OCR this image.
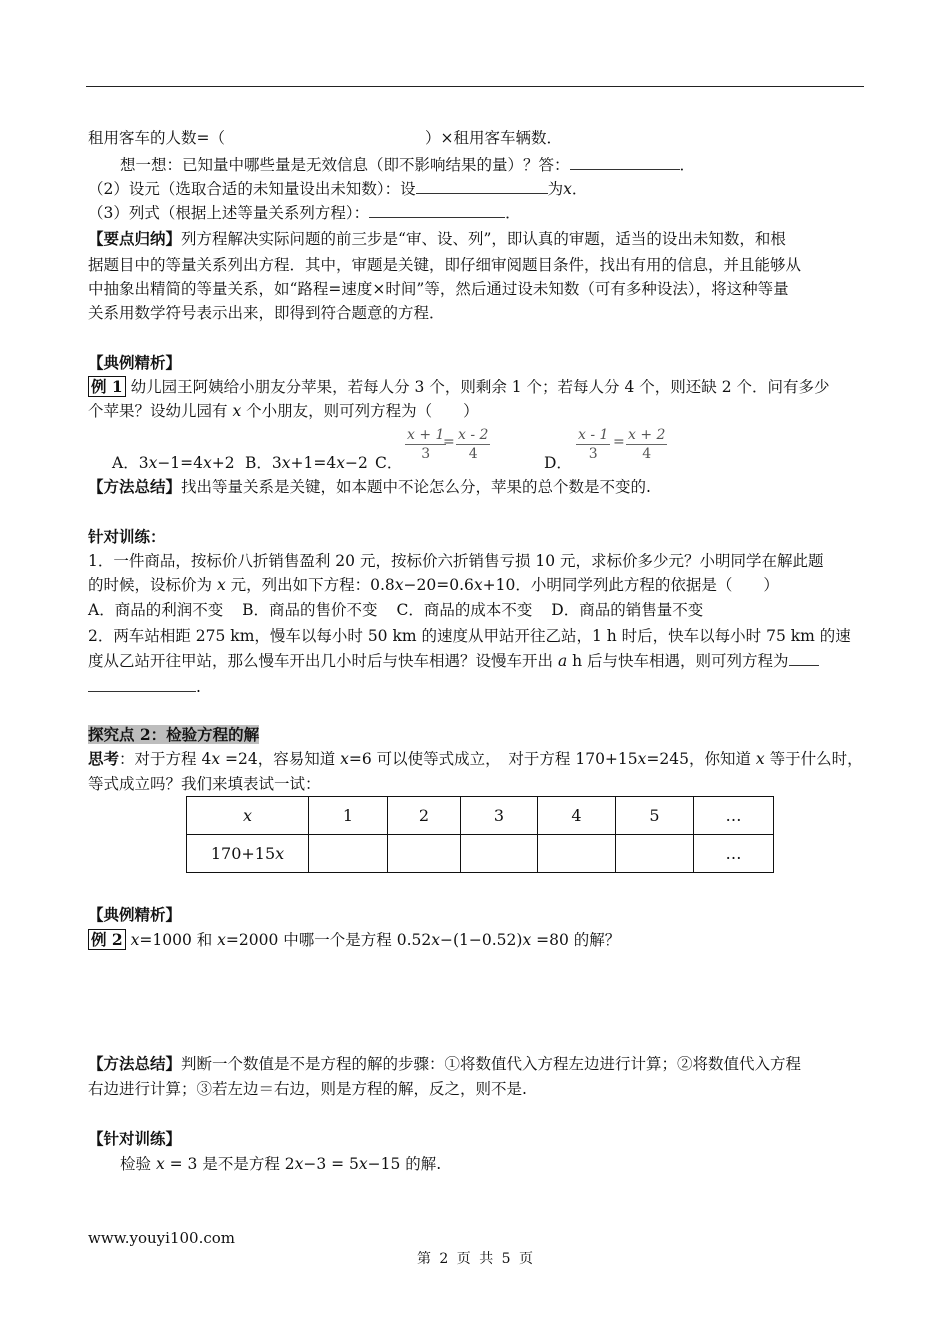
租用客车的人数=（	）×租用客车辆数．
想一想：已知量中哪些量是无效信息（即不影响结果的量）？答：	．
（2）设元（选取合适的未知量设出未知数）：设	为x．
（3）列式（根据上述等量关系列方程）：	．
【要点归纳】列方程解决实际问题的前三步是“审、设、列”，即认真的审题，适当的设出未知数，和根
据题目中的等量关系列出方程．其中，审题是关键，即仔细审阅题目条件，找出有用的信息，并且能够从
中抽象出精简的等量关系，如“路程=速度×时间”等，然后通过设未知数（可有多种设法），将这种等量
关系用数学符号表示出来，即得到符合题意的方程．
【典例精析】
例 1 幼儿园王阿姨给小朋友分苹果，若每人分 3 个，则剩余 1 个；若每人分 4 个，则还缺 2 个．问有多少
个苹果？设幼儿园有 x 个小朋友，则可列方程为（　　）
$\frac{x + 1}{3}$
= $\frac{x - 2}{4}$	$\frac{x - 1}{3} = \frac{x + 2}{4}$
A．3x−1=4x+2 B．3x+1=4x−2 C．	D．
【方法总结】找出等量关系是关键，如本题中不论怎么分，苹果的总个数是不变的.
针对训练：
1．一件商品，按标价八折销售盈利 20 元，按标价六折销售亏损 10 元，求标价多少元？小明同学在解此题
的时候，设标价为 x 元，列出如下方程：0.8x−20=0.6x+10．小明同学列此方程的依据是（　　）
A．商品的利润不变 B．商品的售价不变 C．商品的成本不变 D．商品的销售量不变
2．两车站相距 275 km，慢车以每小时 50 km 的速度从甲站开往乙站，1 h 时后，快车以每小时 75 km 的速
度从乙站开往甲站，那么慢车开出几小时后与快车相遇？设慢车开出 a h 后与快车相遇，则可列方程为
.
探究点 2：检验方程的解
思考：对于方程 4x =24，容易知道 x=6 可以使等式成立，　对于方程 170+15x=245，你知道 x 等于什么时，
等式成立吗？我们来填表试一试：
x	1	2	3	4	5	…
170+15x						…
【典例精析】
例 2 x=1000 和 x=2000 中哪一个是方程 0.52x−(1−0.52)x =80 的解？
【方法总结】判断一个数值是不是方程的解的步骤：①将数值代入方程左边进行计算；②将数值代入方程
右边进行计算；③若左边＝右边，则是方程的解，反之，则不是.
【针对训练】
检验 x = 3 是不是方程 2x−3 = 5x−15 的解.
www.youyi100.com
第 2 页 共 5 页
